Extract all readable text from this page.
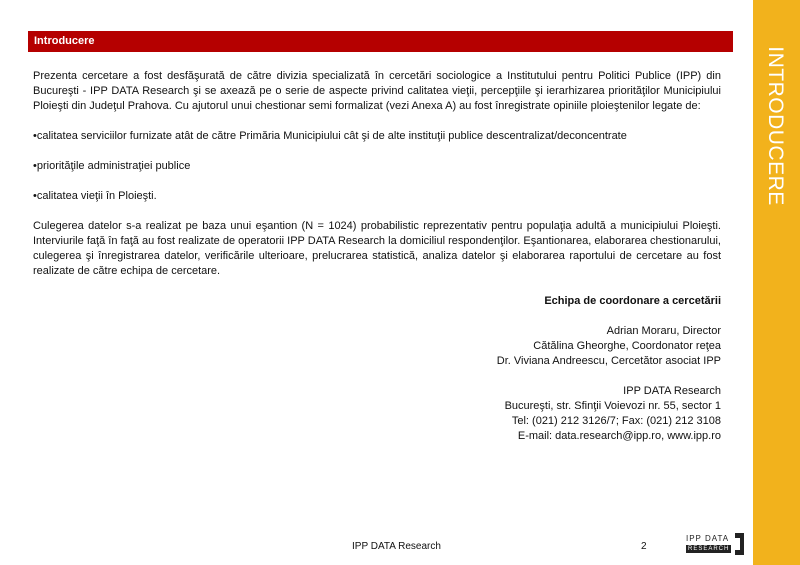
Introducere
INTRODUCERE

Prezenta cercetare a fost desfăşurată de către divizia specializată în cercetări sociologice a Institutului pentru Politici Publice (IPP) din Bucureşti - IPP DATA Research şi se axează pe o serie de aspecte privind calitatea vieţii, percepţiile şi ierarhizarea priorităţilor Municipiului Ploieşti din Judeţul Prahova. Cu ajutorul unui chestionar semi formalizat (vezi Anexa A) au fost înregistrate opiniile ploieştenilor legate de:

•calitatea serviciilor furnizate atât de către Primăria Municipiului cât şi de alte instituţii publice descentralizat/deconcentrate

•priorităţile administraţiei publice

•calitatea vieţii în Ploieşti.

Culegerea datelor s-a realizat pe baza unui eşantion (N = 1024) probabilistic reprezentativ pentru populaţia adultă a municipiului Ploieşti. Interviurile faţă în faţă au fost realizate de operatorii IPP DATA Research la domiciliul respondenţilor. Eşantionarea, elaborarea chestionarului, culegerea şi înregistrarea datelor, verificările ulterioare, prelucrarea statistică, analiza datelor şi elaborarea raportului de cercetare au fost realizate de către echipa de cercetare.

Echipa de coordonare a cercetării

Adrian Moraru, Director

Cătălina Gheorghe, Coordonator reţea

Dr. Viviana Andreescu, Cercetător asociat IPP

IPP DATA Research

Bucureşti, str. Sfinţii Voievozi nr. 55, sector 1

Tel: (021) 212 3126/7; Fax: (021) 212 3108

E-mail: data.research@ipp.ro, www.ipp.ro

IPP DATA Research	2
IPP DATA
RESEARCH
